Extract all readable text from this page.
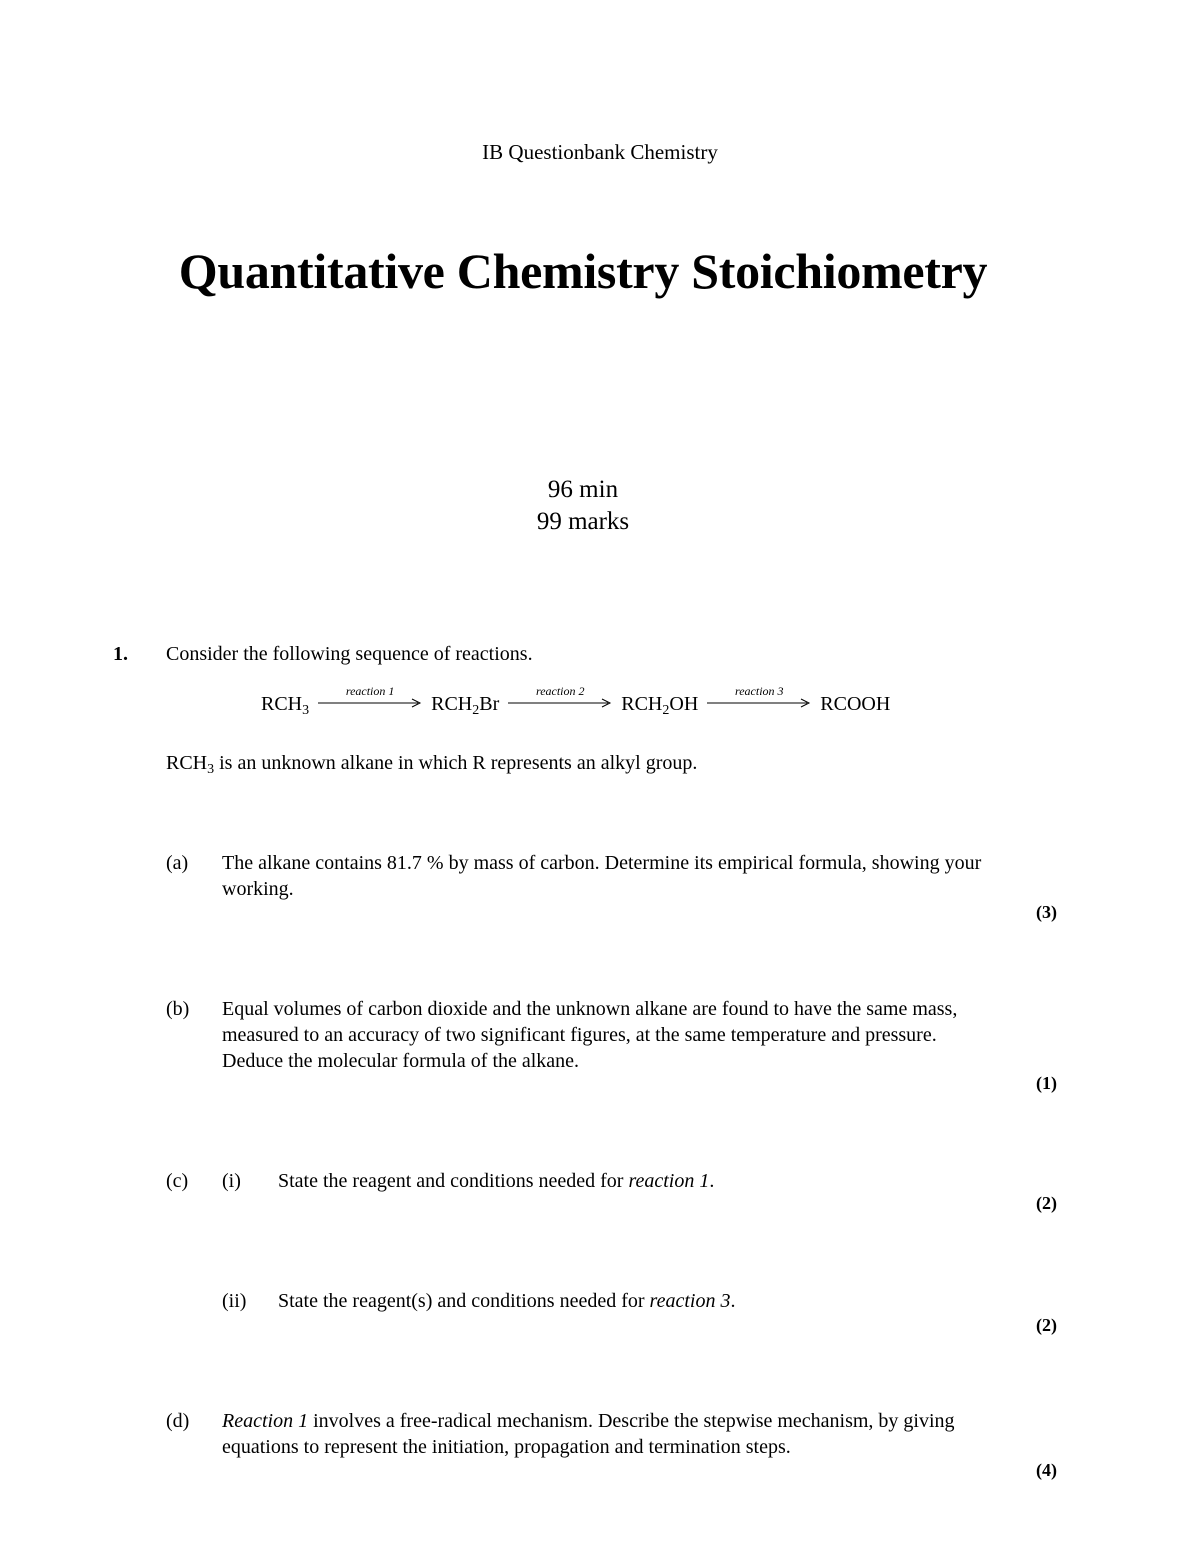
IB Questionbank Chemistry
Quantitative Chemistry Stoichiometry
96 min
99 marks
1. Consider the following sequence of reactions.
$RCH_3$
reaction 1
$RCH_2Br$
reaction 2
$RCH_2OH$
reaction 3
RCOOH
$RCH_3$ is an unknown alkane in which R represents an alkyl group.
(a) The alkane contains 81.7 % by mass of carbon. Determine its empirical formula, showing your working.
(3)
(b) Equal volumes of carbon dioxide and the unknown alkane are found to have the same mass, measured to an accuracy of two significant figures, at the same temperature and pressure. Deduce the molecular formula of the alkane.
(1)
(c) (i) State the reagent and conditions needed for reaction 1.
(2)
(ii) State the reagent(s) and conditions needed for reaction 3.
(2)
(d) Reaction 1 involves a free-radical mechanism. Describe the stepwise mechanism, by giving equations to represent the initiation, propagation and termination steps.
(4)
